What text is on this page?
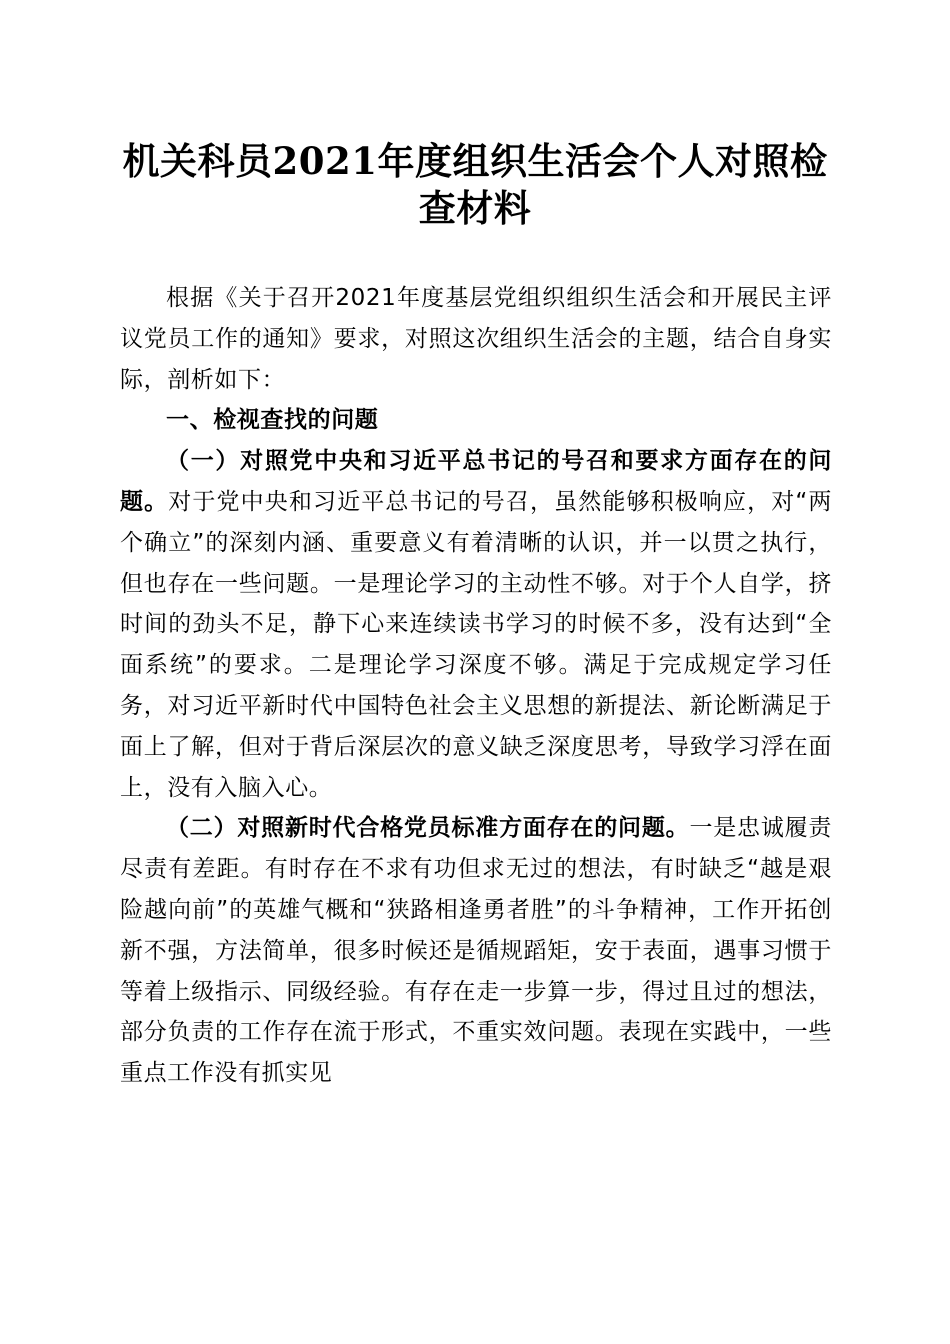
机关科员2021年度组织生活会个人对照检查材料

根据《关于召开2021年度基层党组织组织生活会和开展民主评议党员工作的通知》要求，对照这次组织生活会的主题，结合自身实际，剖析如下：

一、检视查找的问题

（一）对照党中央和习近平总书记的号召和要求方面存在的问题。对于党中央和习近平总书记的号召，虽然能够积极响应，对“两个确立”的深刻内涵、重要意义有着清晰的认识，并一以贯之执行，但也存在一些问题。一是理论学习的主动性不够。对于个人自学，挤时间的劲头不足，静下心来连续读书学习的时候不多，没有达到“全面系统”的要求。二是理论学习深度不够。满足于完成规定学习任务，对习近平新时代中国特色社会主义思想的新提法、新论断满足于面上了解，但对于背后深层次的意义缺乏深度思考，导致学习浮在面上，没有入脑入心。

（二）对照新时代合格党员标准方面存在的问题。一是忠诚履责尽责有差距。有时存在不求有功但求无过的想法，有时缺乏“越是艰险越向前”的英雄气概和“狭路相逢勇者胜”的斗争精神，工作开拓创新不强，方法简单，很多时候还是循规蹈矩，安于表面，遇事习惯于等着上级指示、同级经验。有存在走一步算一步，得过且过的想法，部分负责的工作存在流于形式，不重实效问题。表现在实践中，一些重点工作没有抓实见
